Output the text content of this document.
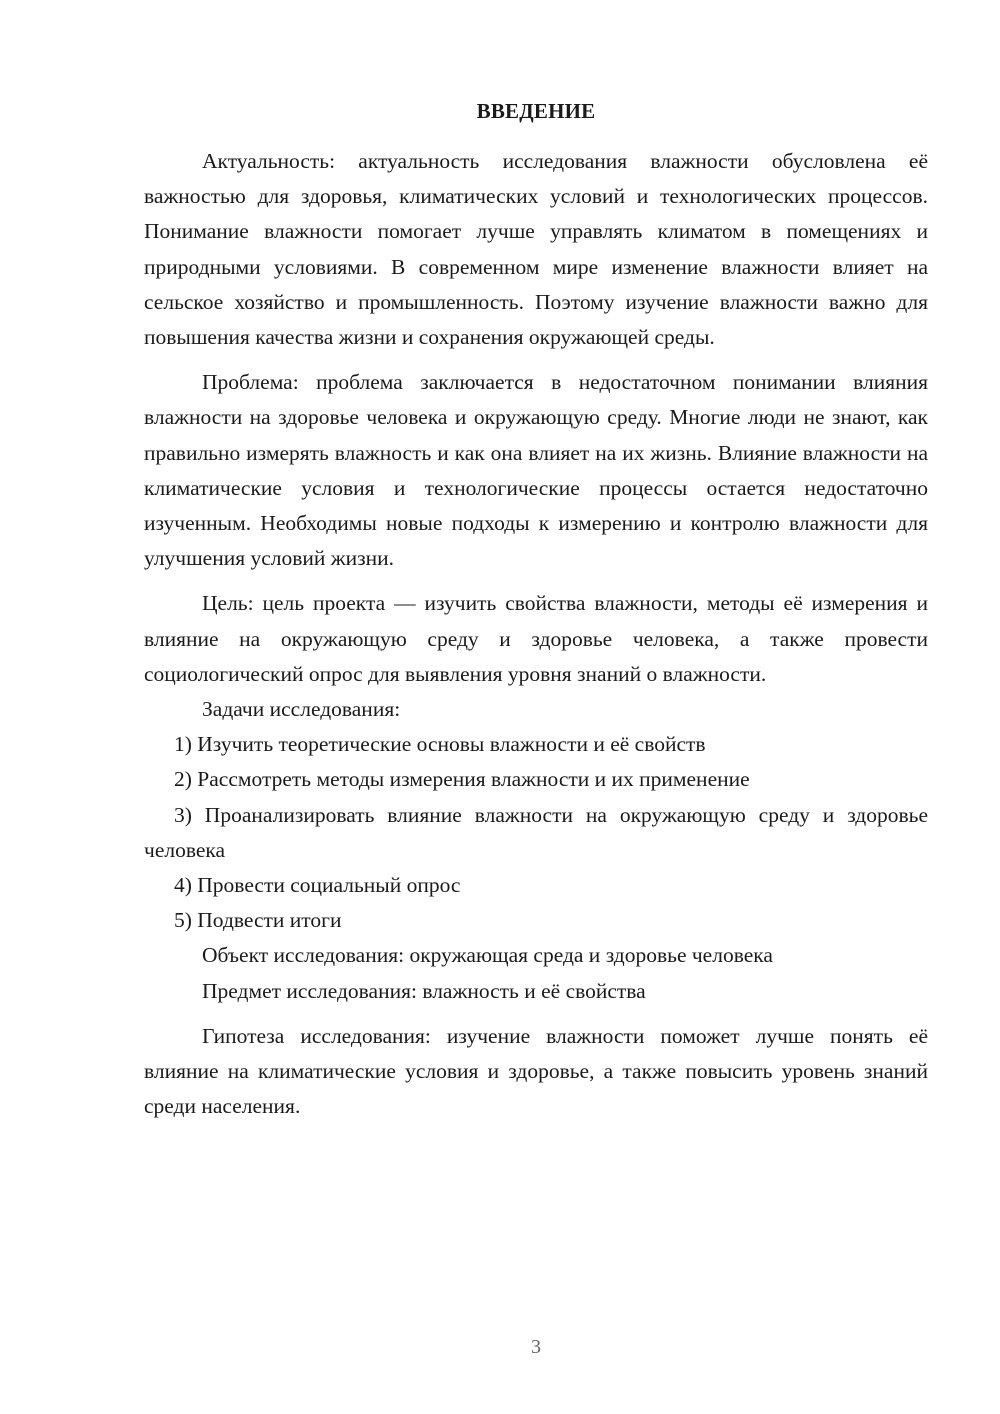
ВВЕДЕНИЕ

Актуальность: актуальность исследования влажности обусловлена её важностью для здоровья, климатических условий и технологических процессов. Понимание влажности помогает лучше управлять климатом в помещениях и природными условиями. В современном мире изменение влажности влияет на сельское хозяйство и промышленность. Поэтому изучение влажности важно для повышения качества жизни и сохранения окружающей среды.

Проблема: проблема заключается в недостаточном понимании влияния влажности на здоровье человека и окружающую среду. Многие люди не знают, как правильно измерять влажность и как она влияет на их жизнь. Влияние влажности на климатические условия и технологические процессы остается недостаточно изученным. Необходимы новые подходы к измерению и контролю влажности для улучшения условий жизни.

Цель: цель проекта — изучить свойства влажности, методы её измерения и влияние на окружающую среду и здоровье человека, а также провести социологический опрос для выявления уровня знаний о влажности.

Задачи исследования:

1) Изучить теоретические основы влажности и её свойств

2) Рассмотреть методы измерения влажности и их применение

3) Проанализировать влияние влажности на окружающую среду и здоровье человека

4) Провести социальный опрос

5) Подвести итоги

Объект исследования: окружающая среда и здоровье человека

Предмет исследования: влажность и её свойства

Гипотеза исследования: изучение влажности поможет лучше понять её влияние на климатические условия и здоровье, а также повысить уровень знаний среди населения.

3
